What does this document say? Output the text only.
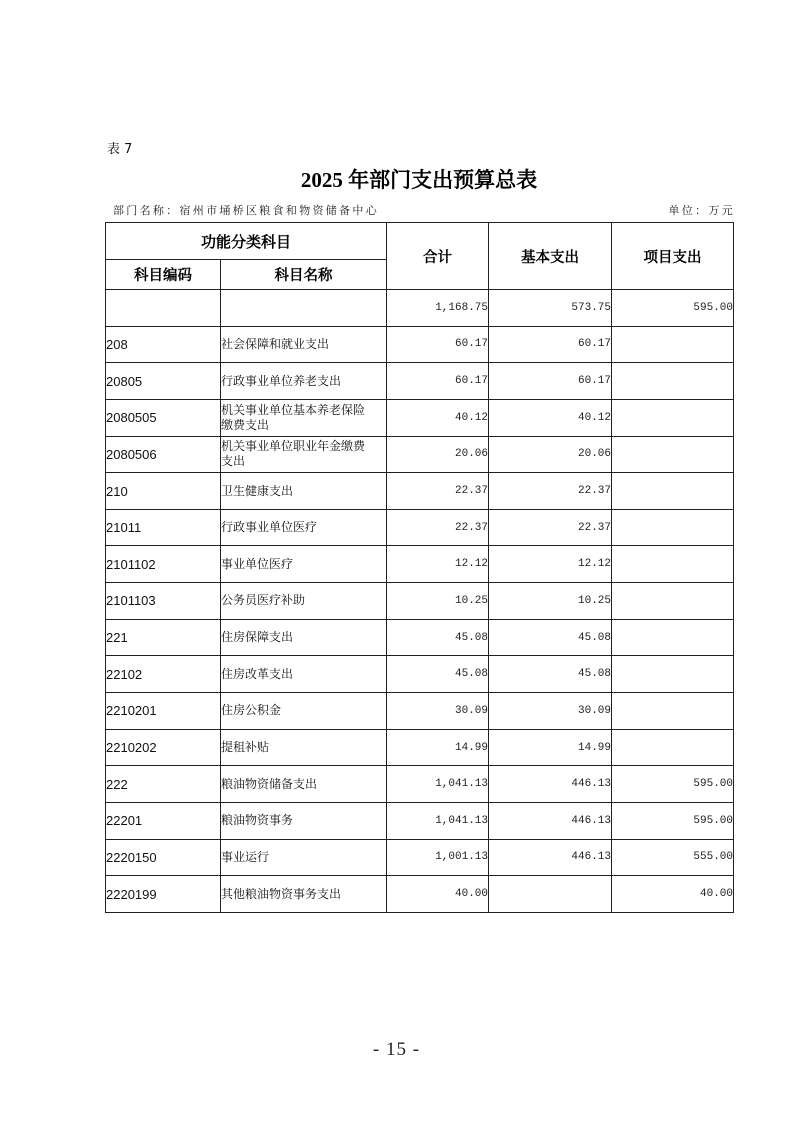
表 7
2025 年部门支出预算总表
部门名称：宿州市埇桥区粮食和物资储备中心	单位：万元
功能分类科目		合计	基本支出	项目支出
科目编码	科目名称			
		1,168.75	573.75	595.00
208	社会保障和就业支出	60.17	60.17	
20805	行政事业单位养老支出	60.17	60.17	
2080505	机关事业单位基本养老保险缴费支出	40.12	40.12	
2080506	机关事业单位职业年金缴费支出	20.06	20.06	
210	卫生健康支出	22.37	22.37	
21011	行政事业单位医疗	22.37	22.37	
2101102	事业单位医疗	12.12	12.12	
2101103	公务员医疗补助	10.25	10.25	
221	住房保障支出	45.08	45.08	
22102	住房改革支出	45.08	45.08	
2210201	住房公积金	30.09	30.09	
2210202	提租补贴	14.99	14.99	
222	粮油物资储备支出	1,041.13	446.13	595.00
22201	粮油物资事务	1,041.13	446.13	595.00
2220150	事业运行	1,001.13	446.13	555.00
2220199	其他粮油物资事务支出	40.00		40.00
- 15 -
